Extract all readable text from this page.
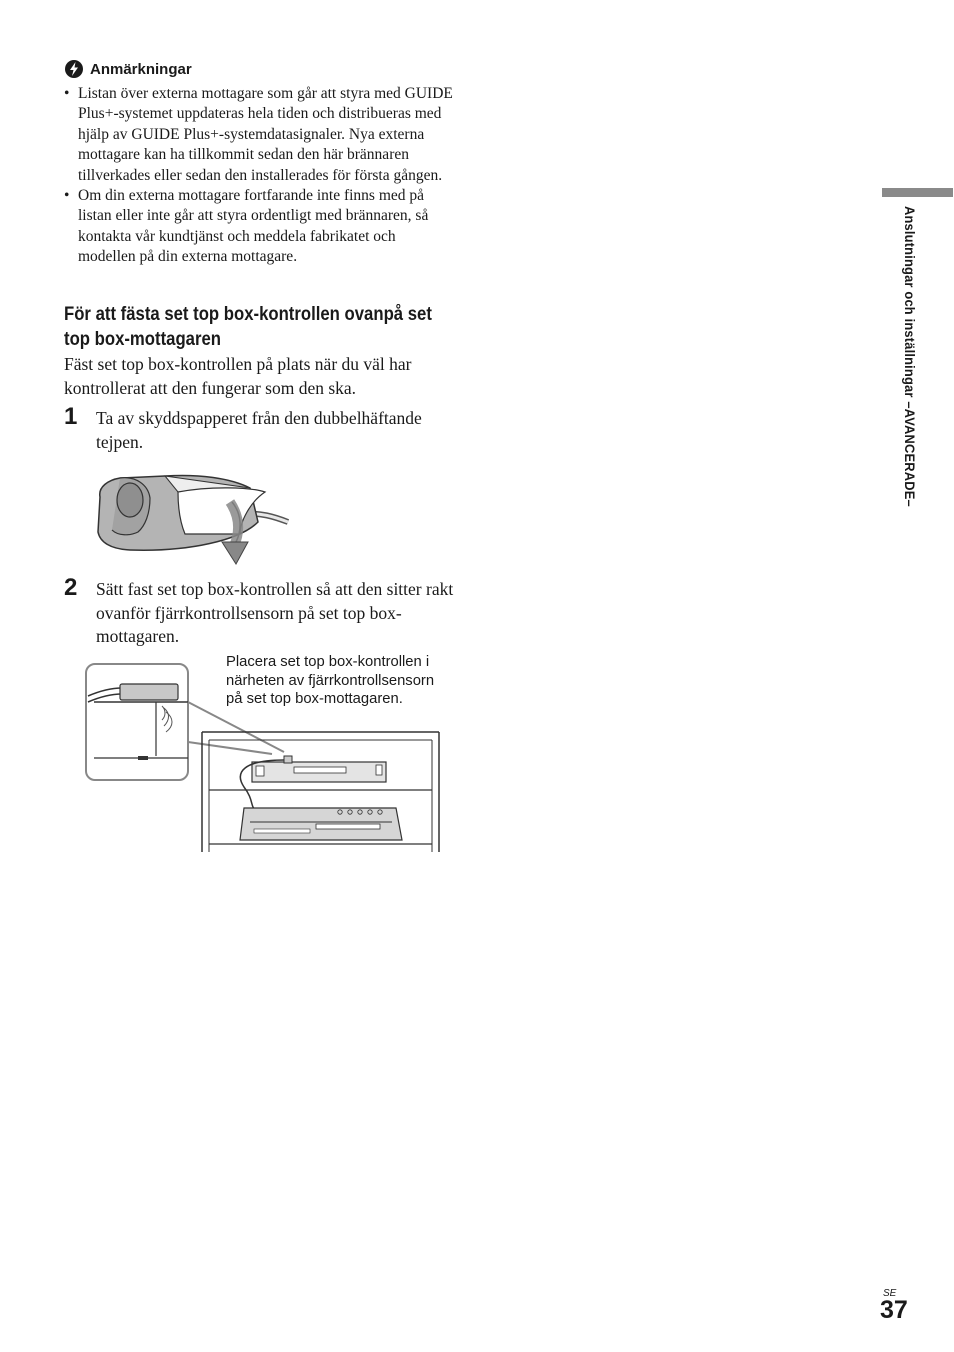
Anmärkningar
• Listan över externa mottagare som går att styra med GUIDE Plus+-systemet uppdateras hela tiden och distribueras med hjälp av GUIDE Plus+-systemdatasignaler. Nya externa mottagare kan ha tillkommit sedan den här brännaren tillverkades eller sedan den installerades för första gången.
• Om din externa mottagare fortfarande inte finns med på listan eller inte går att styra ordentligt med brännaren, så kontakta vår kundtjänst och meddela fabrikatet och modellen på din externa mottagare.
För att fästa set top box-kontrollen ovanpå set top box-mottagaren
Fäst set top box-kontrollen på plats när du väl har kontrollerat att den fungerar som den ska.
1 Ta av skyddspapperet från den dubbelhäftande tejpen.
2 Sätt fast set top box-kontrollen så att den sitter rakt ovanför fjärrkontrollsensorn på set top box-mottagaren.
Placera set top box-kontrollen i närheten av fjärrkontrollsensorn på set top box-mottagaren.
Anslutningar och inställningar –AVANCERADE–
SE
37
